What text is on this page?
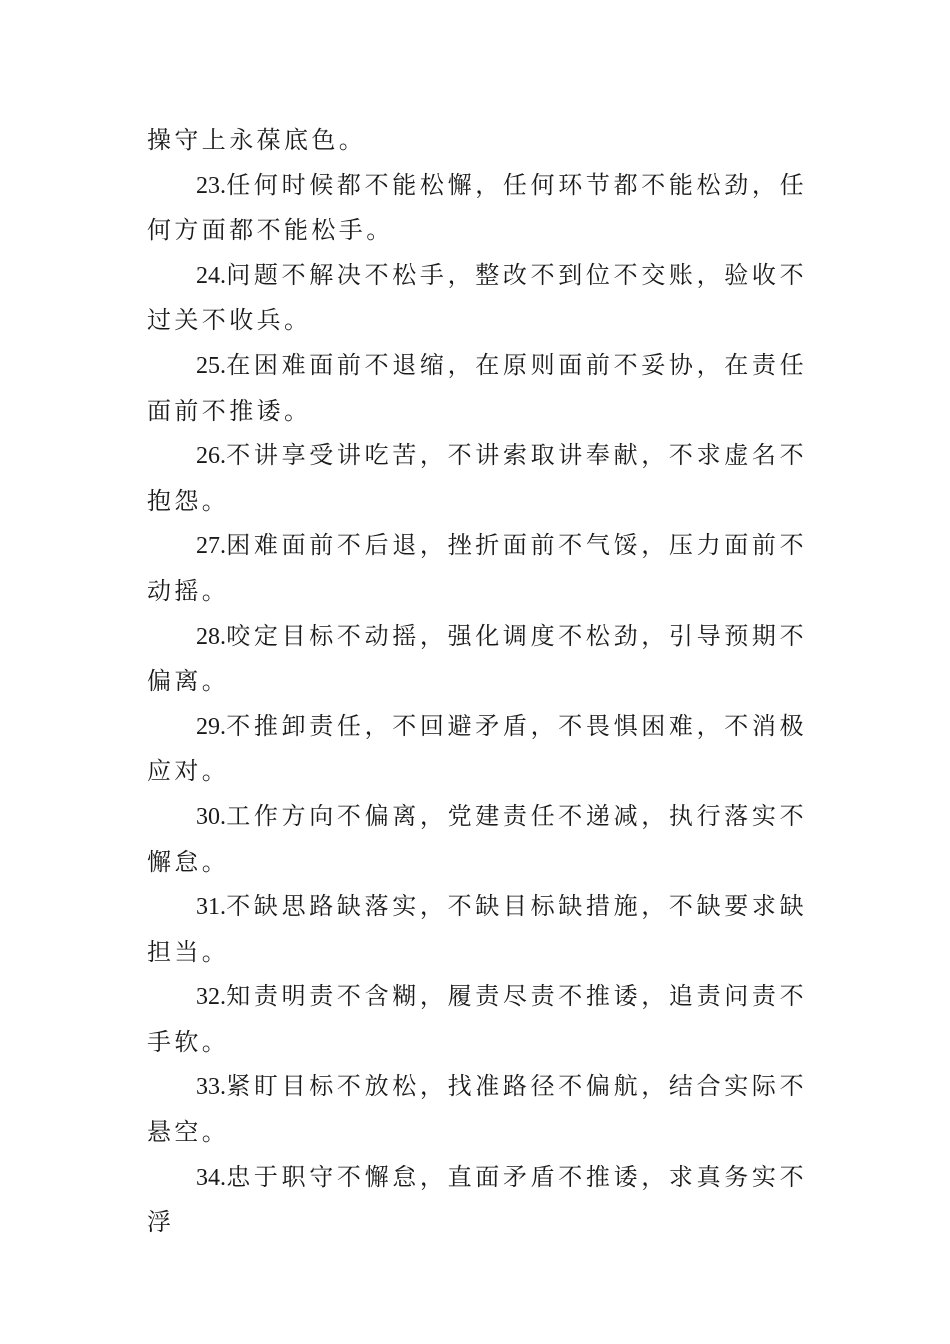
操守上永葆底色。

23.任何时候都不能松懈，任何环节都不能松劲，任何方面都不能松手。

24.问题不解决不松手，整改不到位不交账，验收不过关不收兵。

25.在困难面前不退缩，在原则面前不妥协，在责任面前不推诿。

26.不讲享受讲吃苦，不讲索取讲奉献，不求虚名不抱怨。

27.困难面前不后退，挫折面前不气馁，压力面前不动摇。

28.咬定目标不动摇，强化调度不松劲，引导预期不偏离。

29.不推卸责任，不回避矛盾，不畏惧困难，不消极应对。

30.工作方向不偏离，党建责任不递减，执行落实不懈怠。

31.不缺思路缺落实，不缺目标缺措施，不缺要求缺担当。

32.知责明责不含糊，履责尽责不推诿，追责问责不手软。

33.紧盯目标不放松，找准路径不偏航，结合实际不悬空。

34.忠于职守不懈怠，直面矛盾不推诿，求真务实不浮
